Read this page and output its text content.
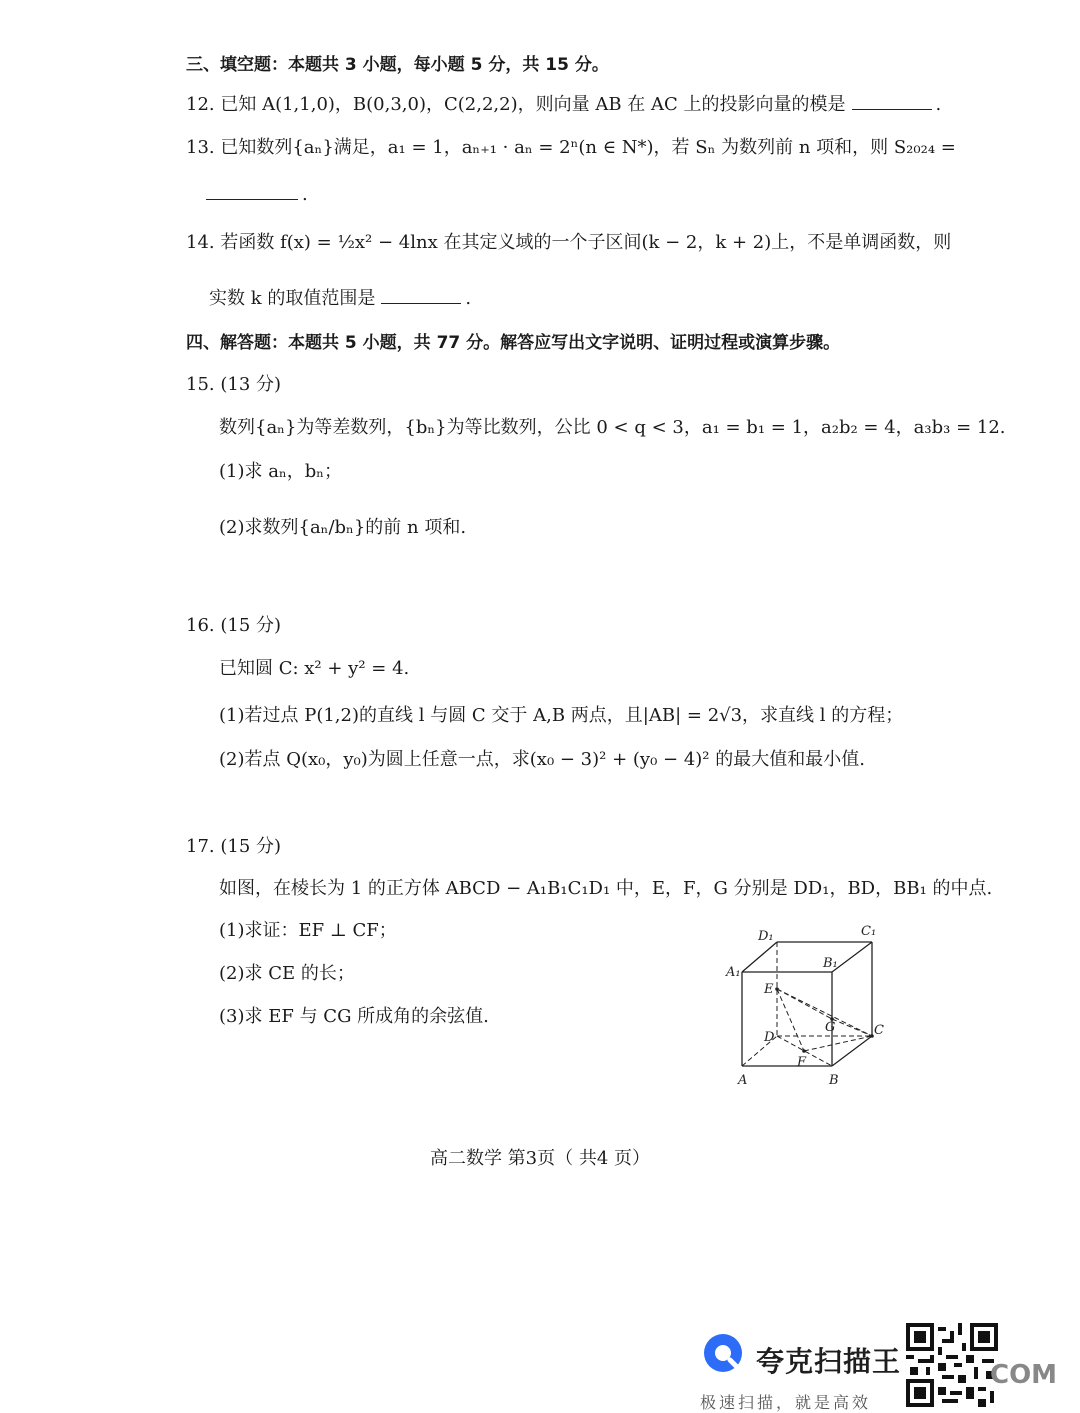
三、填空题：本题共 3 小题，每小题 5 分，共 15 分。
12. 已知 A(1,1,0)，B(0,3,0)，C(2,2,2)，则向量 AB 在 AC 上的投影向量的模是	.
13. 已知数列{aₙ}满足，a₁ = 1，aₙ₊₁ · aₙ = 2ⁿ(n ∈ N*)，若 Sₙ 为数列前 n 项和，则 S₂₀₂₄ =
.
14. 若函数 f(x) = ½x² − 4lnx 在其定义域的一个子区间(k − 2，k + 2)上，不是单调函数，则
实数 k 的取值范围是	.
四、解答题：本题共 5 小题，共 77 分。解答应写出文字说明、证明过程或演算步骤。
15. (13 分)
数列{aₙ}为等差数列，{bₙ}为等比数列，公比 0 < q < 3，a₁ = b₁ = 1，a₂b₂ = 4，a₃b₃ = 12.
(1)求 aₙ，bₙ；
(2)求数列{aₙ/bₙ}的前 n 项和.
16. (15 分)
已知圆 C: x² + y² = 4.
(1)若过点 P(1,2)的直线 l 与圆 C 交于 A,B 两点，且|AB| = 2√3，求直线 l 的方程；
(2)若点 Q(x₀，y₀)为圆上任意一点，求(x₀ − 3)² + (y₀ − 4)² 的最大值和最小值.
17. (15 分)
如图，在棱长为 1 的正方体 ABCD − A₁B₁C₁D₁ 中，E，F，G 分别是 DD₁，BD，BB₁ 的中点.
(1)求证：EF ⊥ CF；
(2)求 CE 的长；
(3)求 EF 与 CG 所成角的余弦值.
D₁	C₁
A₁
B₁
E
G	C
D
F
A	B
高二数学 第3页（ 共4 页）
夸克扫描王
极速扫描，就是高效
COM
